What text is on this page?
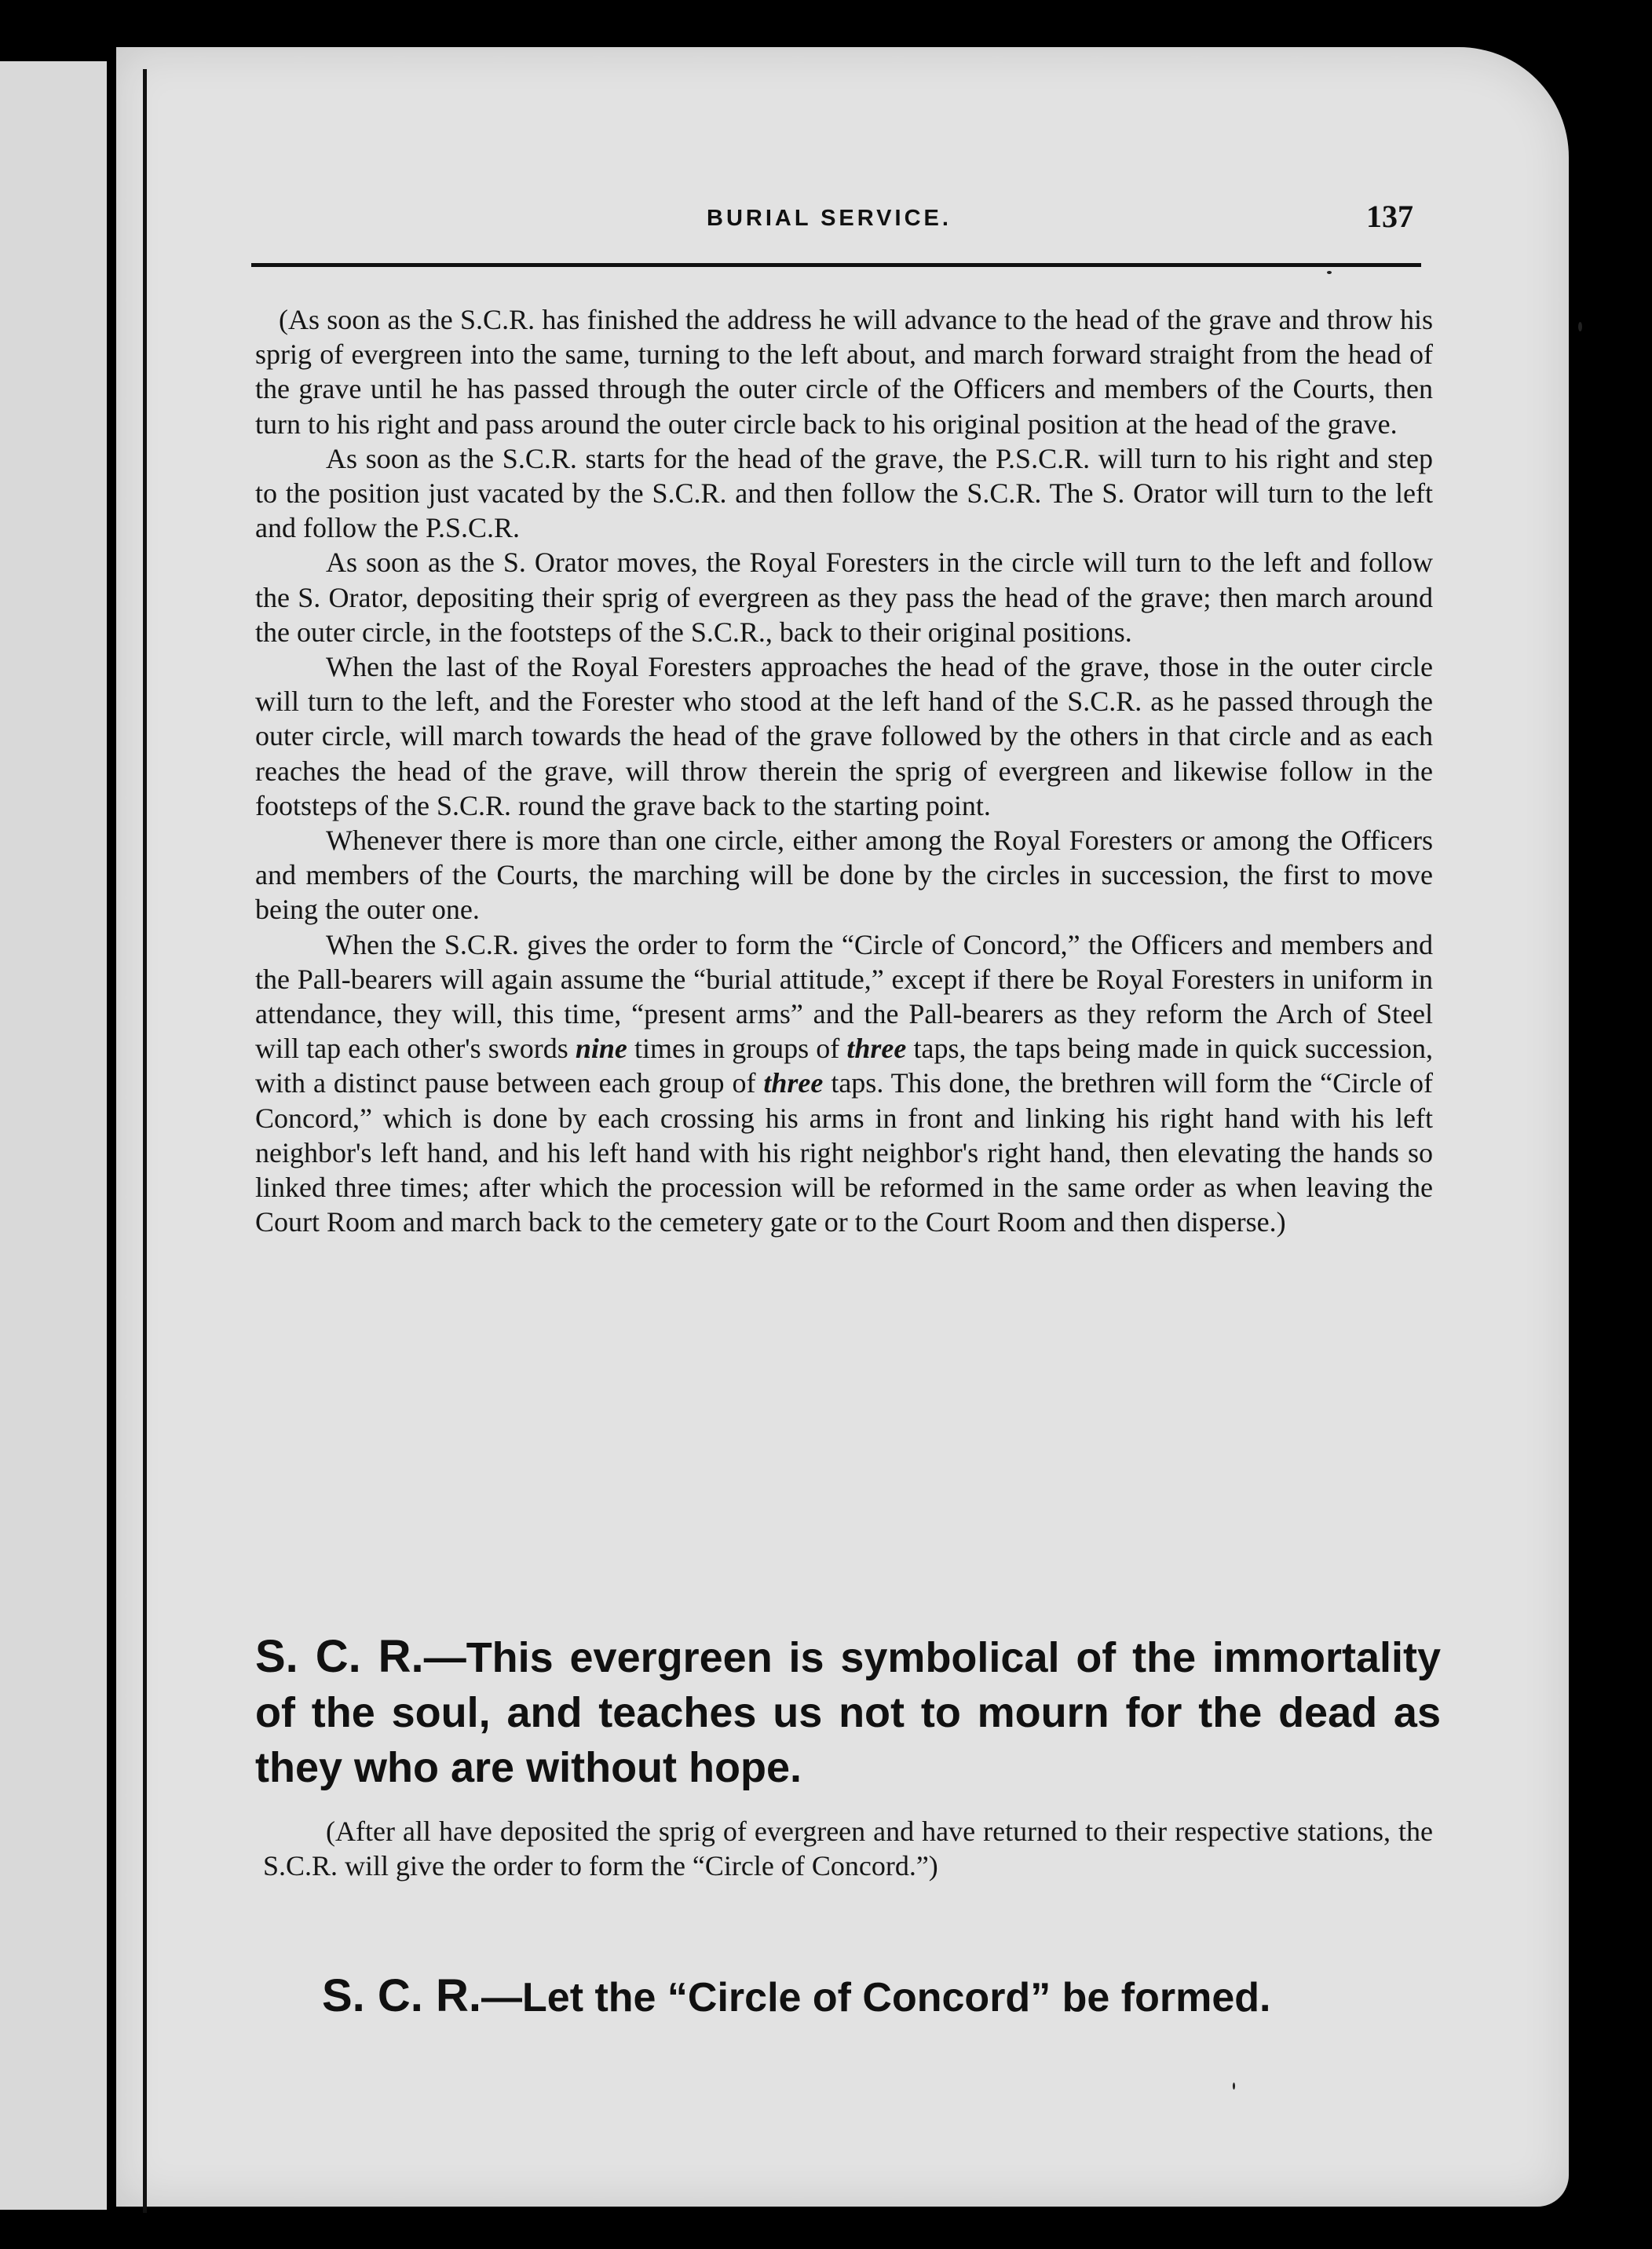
BURIAL SERVICE.	137

(As soon as the S.C.R. has finished the address he will advance to the head of the grave and throw his sprig of evergreen into the same, turning to the left about, and march forward straight from the head of the grave until he has passed through the outer circle of the Officers and members of the Courts, then turn to his right and pass around the outer circle back to his original position at the head of the grave.

As soon as the S.C.R. starts for the head of the grave, the P.S.C.R. will turn to his right and step to the position just vacated by the S.C.R. and then follow the S.C.R. The S. Orator will turn to the left and follow the P.S.C.R.

As soon as the S. Orator moves, the Royal Foresters in the circle will turn to the left and follow the S. Orator, depositing their sprig of evergreen as they pass the head of the grave; then march around the outer circle, in the footsteps of the S.C.R., back to their original positions.

When the last of the Royal Foresters approaches the head of the grave, those in the outer circle will turn to the left, and the Forester who stood at the left hand of the S.C.R. as he passed through the outer circle, will march towards the head of the grave followed by the others in that circle and as each reaches the head of the grave, will throw therein the sprig of evergreen and likewise follow in the footsteps of the S.C.R. round the grave back to the starting point.

Whenever there is more than one circle, either among the Royal Foresters or among the Officers and members of the Courts, the marching will be done by the circles in succession, the first to move being the outer one.

When the S.C.R. gives the order to form the “Circle of Concord,” the Officers and members and the Pall-bearers will again assume the “burial attitude,” except if there be Royal Foresters in uniform in attendance, they will, this time, “present arms” and the Pall-bearers as they reform the Arch of Steel will tap each other's swords nine times in groups of three taps, the taps being made in quick succession, with a distinct pause between each group of three taps. This done, the brethren will form the “Circle of Concord,” which is done by each crossing his arms in front and linking his right hand with his left neighbor's left hand, and his left hand with his right neighbor's right hand, then elevating the hands so linked three times; after which the procession will be reformed in the same order as when leaving the Court Room and march back to the cemetery gate or to the Court Room and then disperse.)

S. C. R.—This evergreen is symbolical of the immortality of the soul, and teaches us not to mourn for the dead as they who are without hope.
(After all have deposited the sprig of evergreen and have returned to their respective stations, the S.C.R. will give the order to form the “Circle of Concord.”)
S. C. R.—Let the “Circle of Concord” be formed.
